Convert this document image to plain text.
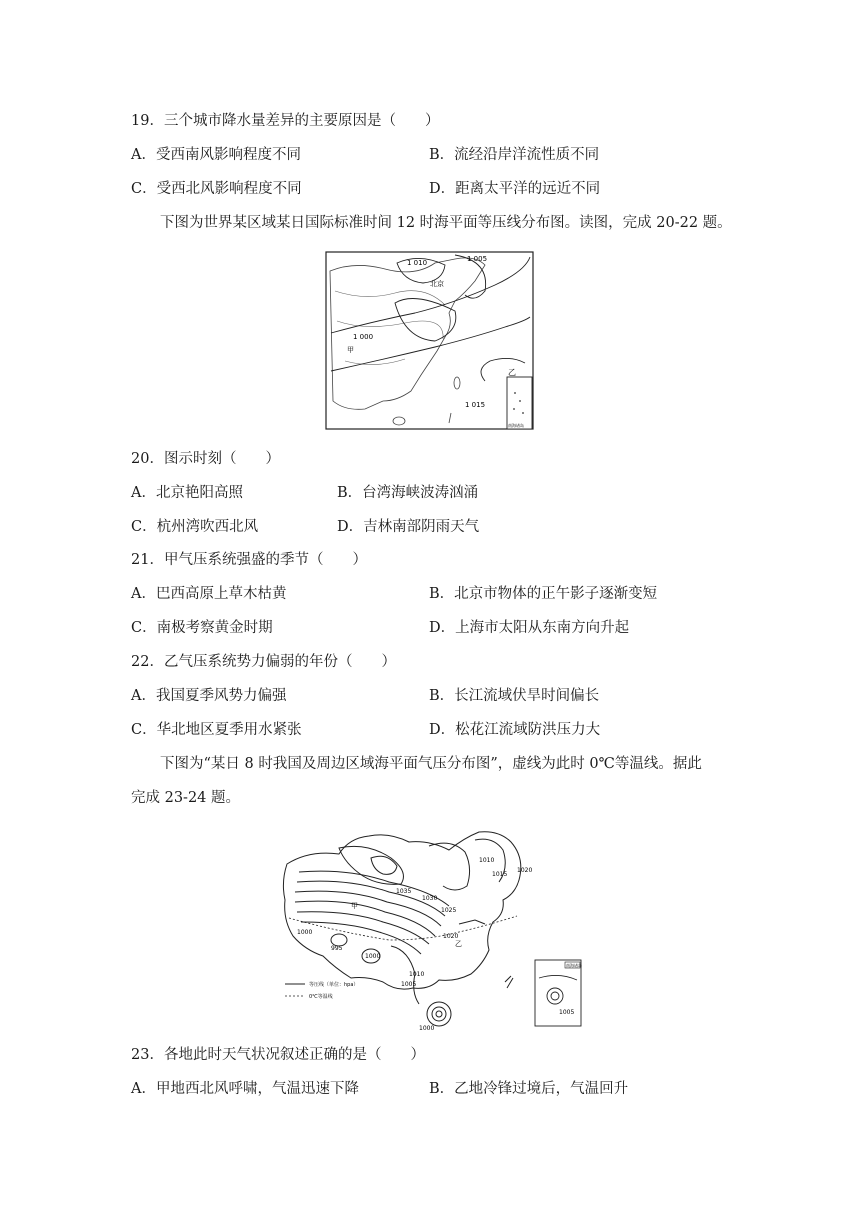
19．三个城市降水量差异的主要原因是（　　）
A．受西南风影响程度不同	B．流经沿岸洋流性质不同
C．受西北风影响程度不同	D．距离太平洋的远近不同
下图为世界某区域某日国际标准时间 12 时海平面等压线分布图。读图，完成 20-22 题。
1 005
1 010
北京
1 000
甲
乙
1 015
南海诸岛
20．图示时刻（　　）
A．北京艳阳高照	B．台湾海峡波涛汹涌
C．杭州湾吹西北风	D．吉林南部阴雨天气
21．甲气压系统强盛的季节（　　）
A．巴西高原上草木枯黄	B．北京市物体的正午影子逐渐变短
C．南极考察黄金时期	D．上海市太阳从东南方向升起
22．乙气压系统势力偏弱的年份（　　）
A．我国夏季风势力偏强	B．长江流域伏旱时间偏长
C．华北地区夏季用水紧张	D．松花江流域防洪压力大
下图为“某日 8 时我国及周边区域海平面气压分布图”，虚线为此时 0℃等温线。据此
完成 23-24 题。
1035
1030
1025
1020
1015
1010
1005
1000
995
1020
1010
1000
1005
甲
乙
1000
等压线（单位：hpa）
0℃等温线
南海诸岛
23．各地此时天气状况叙述正确的是（　　）
A．甲地西北风呼啸，气温迅速下降	B．乙地冷锋过境后，气温回升
